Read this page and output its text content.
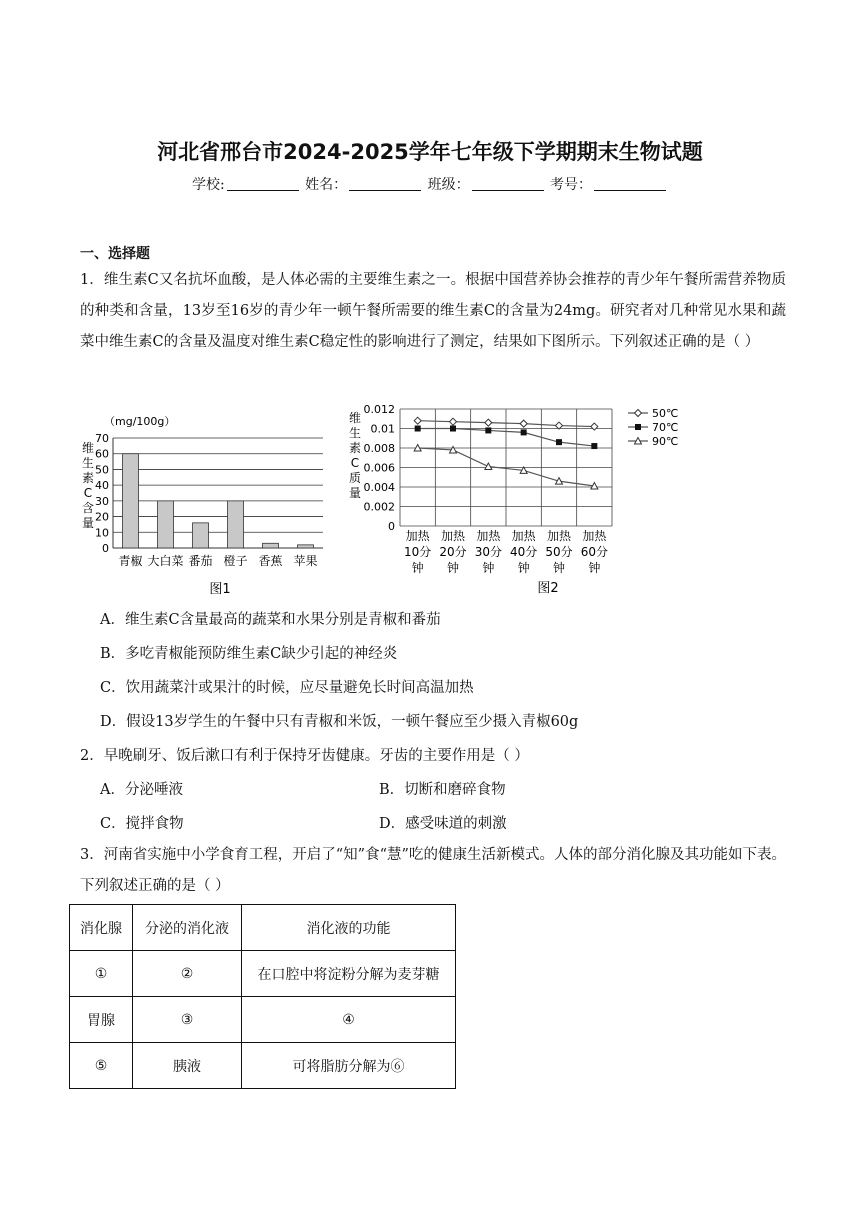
河北省邢台市2024-2025学年七年级下学期期末生物试题
学校:	姓名：	班级：	考号：
一、选择题
1．维生素C又名抗坏血酸，是人体必需的主要维生素之一。根据中国营养协会推荐的青少年午餐所需营养物质的种类和含量，13岁至16岁的青少年一顿午餐所需要的维生素C的含量为24mg。研究者对几种常见水果和蔬菜中维生素C的含量及温度对维生素C稳定性的影响进行了测定，结果如下图所示。下列叙述正确的是（ ）
（mg/100g）
维
生
素
C
含
量
0
10
20
30
40
50
60
70
青椒 大白菜 番茄 橙子 香蕉 苹果
图1
维
生
素
C
质
量
0
0.002
0.004
0.006
0.008
0.01
0.012
加热
10分
钟
加热
20分
钟
加热
30分
钟
加热
40分
钟
加热
50分
钟
加热
60分
钟
50℃
70℃
90℃
图2
A．维生素C含量最高的蔬菜和水果分别是青椒和番茄
B．多吃青椒能预防维生素C缺少引起的神经炎
C．饮用蔬菜汁或果汁的时候，应尽量避免长时间高温加热
D．假设13岁学生的午餐中只有青椒和米饭，一顿午餐应至少摄入青椒60g
2．早晚刷牙、饭后漱口有利于保持牙齿健康。牙齿的主要作用是（ ）
A．分泌唾液	B．切断和磨碎食物
C．搅拌食物	D．感受味道的刺激
3．河南省实施中小学食育工程，开启了“知”食“慧”吃的健康生活新模式。人体的部分消化腺及其功能如下表。下列叙述正确的是（ ）
消化腺	分泌的消化液	消化液的功能
①	②	在口腔中将淀粉分解为麦芽糖
胃腺	③	④
⑤	胰液	可将脂肪分解为⑥
